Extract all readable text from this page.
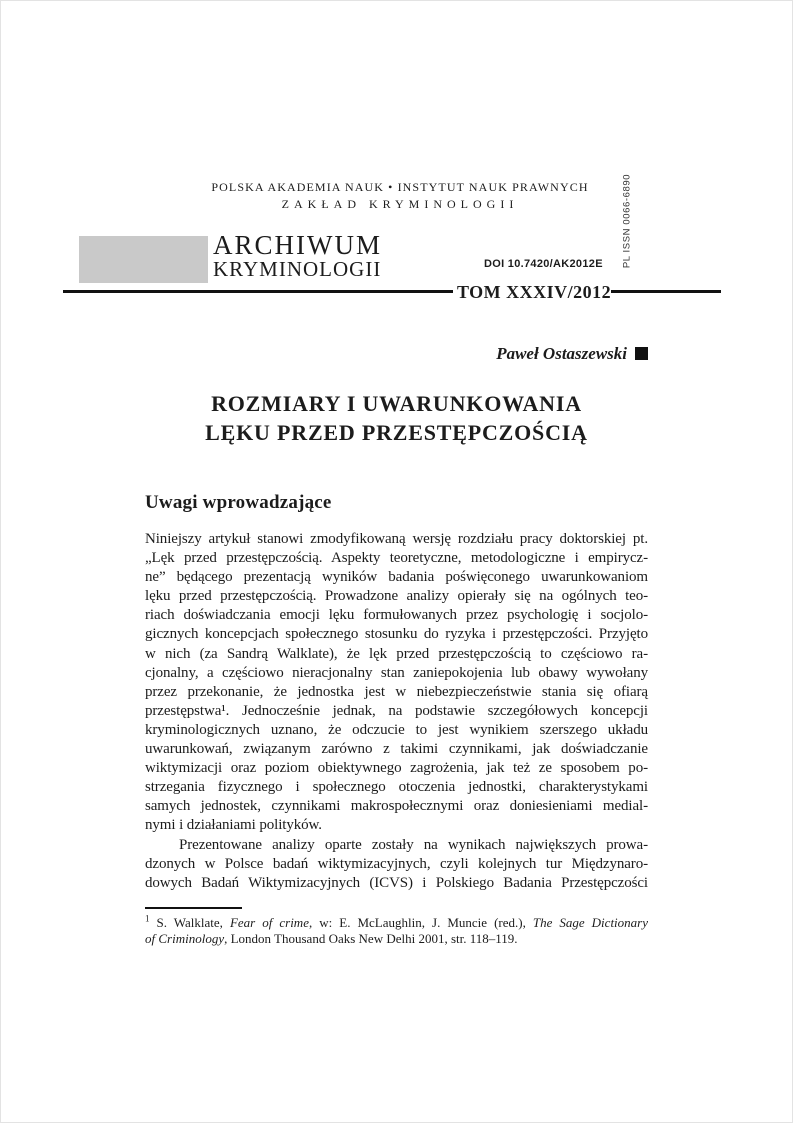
POLSKA AKADEMIA NAUK • INSTYTUT NAUK PRAWNYCH
ZAKŁAD KRYMINOLOGII
ARCHIWUM
KRYMINOLOGII	DOI 10.7420/AK2012E PL ISSN 0066-6890
TOM XXXIV/2012
Paweł Ostaszewski
ROZMIARY I UWARUNKOWANIA
LĘKU PRZED PRZESTĘPCZOŚCIĄ
Uwagi wprowadzające
Niniejszy artykuł stanowi zmodyfikowaną wersję rozdziału pracy doktorskiej pt.
„Lęk przed przestępczością. Aspekty teoretyczne, metodologiczne i empirycz-
ne” będącego prezentacją wyników badania poświęconego uwarunkowaniom
lęku przed przestępczością. Prowadzone analizy opierały się na ogólnych teo-
riach doświadczania emocji lęku formułowanych przez psychologię i socjolo-
gicznych koncepcjach społecznego stosunku do ryzyka i przestępczości. Przyjęto
w nich (za Sandrą Walklate), że lęk przed przestępczością to częściowo ra-
cjonalny, a częściowo nieracjonalny stan zaniepokojenia lub obawy wywołany
przez przekonanie, że jednostka jest w niebezpieczeństwie stania się ofiarą
przestępstwa¹. Jednocześnie jednak, na podstawie szczegółowych koncepcji
kryminologicznych uznano, że odczucie to jest wynikiem szerszego układu
uwarunkowań, związanym zarówno z takimi czynnikami, jak doświadczanie
wiktymizacji oraz poziom obiektywnego zagrożenia, jak też ze sposobem po-
strzegania fizycznego i społecznego otoczenia jednostki, charakterystykami
samych jednostek, czynnikami makrospołecznymi oraz doniesieniami medial-
nymi i działaniami polityków.
Prezentowane analizy oparte zostały na wynikach największych prowa-
dzonych w Polsce badań wiktymizacyjnych, czyli kolejnych tur Międzynaro-
dowych Badań Wiktymizacyjnych (ICVS) i Polskiego Badania Przestępczości
$^1$ S. Walklate, Fear of crime, w: E. McLaughlin, J. Muncie (red.), The Sage Dictionary
of Criminology, London Thousand Oaks New Delhi 2001, str. 118–119.
